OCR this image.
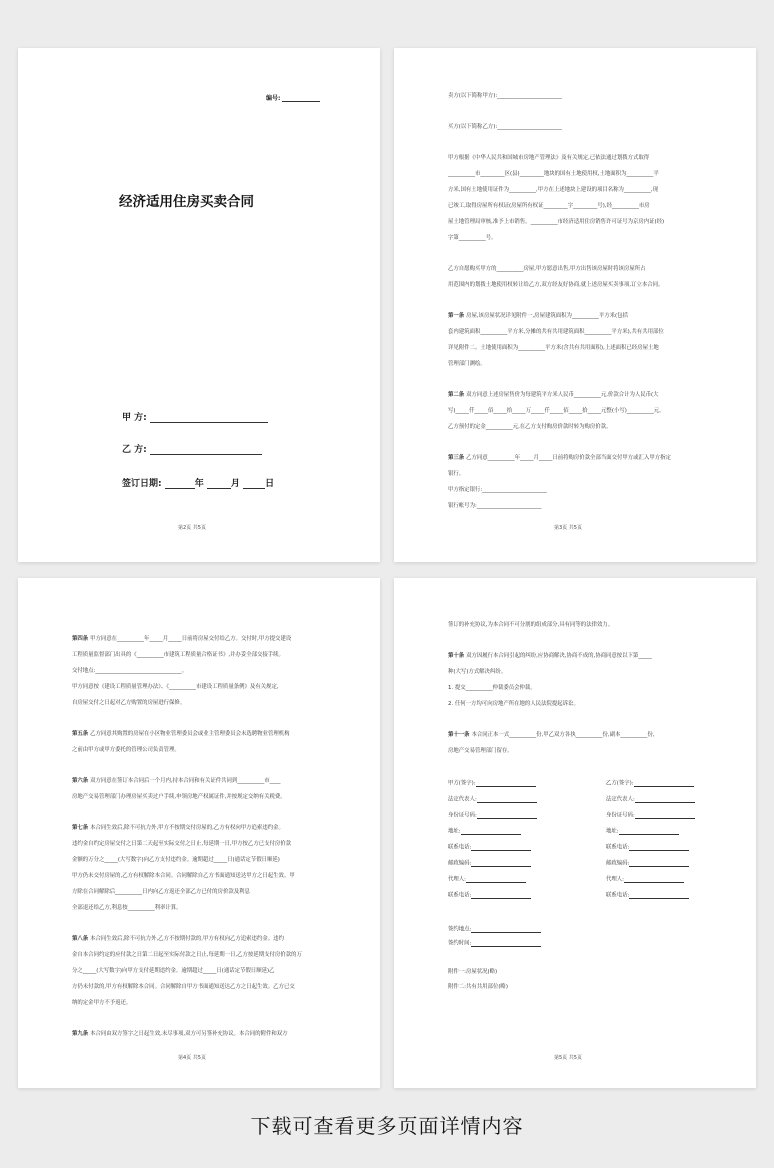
编号:
经济适用住房买卖合同
甲 方:
乙 方:
签订日期:	年	月	日
第2页 共5页
卖方(以下简称甲方):________________________
买方(以下简称乙方):________________________
甲方根据《中华人民共和国城市房地产管理法》及有关规定,已依法通过划拨方式取得
__________市_________区(县)_________地块的国有土地使用权,土地面积为__________平
方米,国有土地使用证件为__________,甲方在上述地块上建设的项目名称为__________,现
已竣工,取得房屋所有权证(房屋所有权证_________字_________号),经__________市房
屋土地管理局审核,准予上市销售。__________市经济适用住房销售许可证号为京房内证(经)
字第__________号。
乙方自愿购买甲方的__________房屋,甲方愿意出售,甲方出售该房屋时将该房屋所占
用范围内的划拨土地使用权转让给乙方,双方经友好协商,就上述房屋买卖事项,订立本合同。
第一条 房屋,该房屋状况详见附件一,房屋建筑面积为__________平方米(包括
套内建筑面积__________平方米,分摊的共有共用建筑面积__________平方米),共有共用部位
详见附件二。土地使用面积为__________平方米(含共有共用面积),上述面积已经房屋土地
管理部门测绘。
第二条 双方同意上述房屋售价为每建筑平方米人民币__________元,价款合计为人民币(大
写)_____仟_____佰_____拾_____万_____仟_____佰_____拾_____元整(小写)__________元。
乙方预付的定金__________元,在乙方支付购房价款时转为购房价款。
第三条 乙方同意__________年_____月_____日前将购房价款全部当面交付甲方或汇入甲方指定
银行。
甲方指定银行:________________________
银行帐号为:________________________
第3页 共5页
第四条 甲方同意在__________年_____月_____日前将房屋交付给乙方。交付时,甲方提交建设
工程质量监督部门出具的《__________市建筑工程质量合格证书》,并办妥全部交接手续。
交付地点:________________________________。
甲方同意按《建设工程质量管理办法》、《__________市建设工程质量条例》及有关规定,
自房屋交付之日起对乙方购置的房屋进行保修。
第五条 乙方同意其购置的房屋在小区物业管理委员会或业主管理委员会未选聘物业管理机构
之前由甲方或甲方委托的管理公司负责管理。
第六条 双方同意在签订本合同后一个月内,持本合同和有关证件共同到__________市____
房地产交易管理部门办理房屋买卖过户手续,申领房地产权属证件,并按规定交纳有关税费。
第七条 本合同生效后,除不可抗力外,甲方不按期交付房屋的,乙方有权向甲方追索违约金。
违约金自约定房屋交付之日第二天起至实际交付之日止,每延期一日,甲方按乙方已支付房价款
金额的万分之_____(大写数字)向乙方支付违约金。逾期超过_____日(通话定节假日顺延)
甲方仍未交付房屋的,乙方有权解除本合同。合同解除自乙方书面通知送达甲方之日起生效。甲
方除在合同解除后__________日内向乙方返还全部乙方已付的房价款及利息
全部退还给乙方,利息按__________利率计算。
第八条 本合同生效后,除不可抗力外,乙方不按期付款的,甲方有权向乙方追索违约金。违约
金自本合同约定的应付款之日第二日起至实际付款之日止,每延期一日,乙方按延期支付房价款的万
分之_____(大写数字)向甲方支付延期违约金。逾期超过_____日(通话定节假日顺延)乙
方仍未付款的,甲方有权解除本合同。合同解除自甲方书面通知送达乙方之日起生效。乙方已交
纳的定金甲方不予返还。
第九条 本合同由双方签字之日起生效,未尽事项,双方可另签补充协议。本合同的附件和双方
第4页 共5页
签订的补充协议,为本合同不可分割的组成部分,具有同等的法律效力。
第十条 双方因履行本合同引起的纠纷,应协商解决,协商不成的,协商同意按以下第_____
种(大写)方式解决纠纷。
1. 提交__________仲裁委员会仲裁。
2. 任何一方均可向房地产所在地的人民法院提起诉讼。
第十一条 本合同正本一式__________份,甲乙双方各执__________份,副本__________份,
房地产交易管理部门留存。
甲方(签字):
法定代表人:
身份证号码:
地址:
联系电话:
邮政编码:
代理人:
联系电话:
乙方(签字):
法定代表人:
身份证号码:
地址:
联系电话:
邮政编码:
代理人:
联系电话:
签约地点:
签约时间:
附件一:房屋状况(略)
附件二:共有共用部位(略)
第5页 共5页
下载可查看更多页面详情内容
